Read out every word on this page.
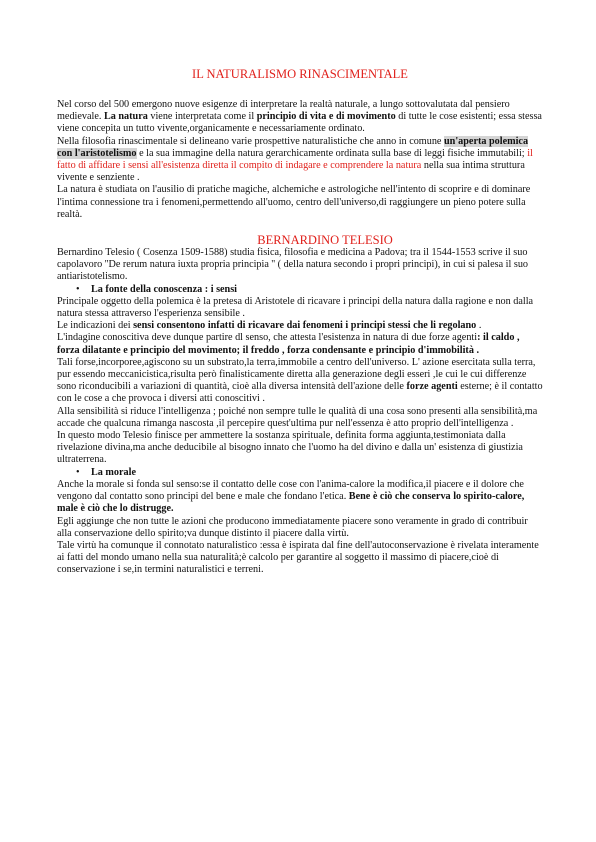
IL NATURALISMO RINASCIMENTALE

Nel corso del 500 emergono nuove esigenze di interpretare la realtà naturale, a lungo sottovalutata dal pensiero medievale. La natura viene interpretata come il principio di vita e di movimento di tutte le cose esistenti; essa stessa viene concepita un tutto vivente,organicamente e necessariamente ordinato.

Nella filosofia rinascimentale si delineano varie prospettive naturalistiche che anno in comune un'aperta polemica con l'aristotelismo e la sua immagine della natura gerarchicamente ordinata sulla base di leggi fisiche immutabili; il fatto di affidare i sensi all'esistenza diretta il compito di indagare e comprendere la natura nella sua intima struttura vivente e senziente .

La natura è studiata on l'ausilio di pratiche magiche, alchemiche e astrologiche nell'intento di scoprire e di dominare l'intima connessione tra i fenomeni,permettendo all'uomo, centro dell'universo,di raggiungere un pieno potere sulla realtà.

BERNARDINO TELESIO

Bernardino Telesio ( Cosenza 1509-1588) studia fisica, filosofia e medicina a Padova; tra il 1544-1553 scrive il suo capolavoro ''De rerum natura iuxta propria principia '' ( della natura secondo i propri principi), in cui si palesa il suo antiaristotelismo.

• La fonte della conoscenza : i sensi

Principale oggetto della polemica è la pretesa di Aristotele di ricavare i principi della natura dalla ragione e non dalla natura stessa attraverso l'esperienza sensibile .

Le indicazioni dei sensi consentono infatti di ricavare dai fenomeni i principi stessi che li regolano .

L'indagine conoscitiva deve dunque partire dl senso, che attesta l'esistenza in natura di due forze agenti: il caldo , forza dilatante e principio del movimento; il freddo , forza condensante e principio d'immobilità .

Tali forse,incorporee,agiscono su un substrato,la terra,immobile a centro dell'universo. L' azione esercitata sulla terra, pur essendo meccanicistica,risulta però finalisticamente diretta alla generazione degli esseri ,le cui le cui differenze sono riconducibili a variazioni di quantità, cioè alla diversa intensità dell'azione delle forze agenti esterne; è il contatto con le cose a che provoca i diversi atti conoscitivi .

Alla sensibilità si riduce l'intelligenza ; poiché non sempre tulle le qualità di una cosa sono presenti alla sensibilità,ma accade che qualcuna rimanga nascosta ,il percepire quest'ultima pur nell'essenza è atto proprio dell'intelligenza .

In questo modo Telesio finisce per ammettere la sostanza spirituale, definita forma aggiunta,testimoniata dalla rivelazione divina,ma anche deducibile al bisogno innato che l'uomo ha del divino e dalla un' esistenza di giustizia ultraterrena.

• La morale

Anche la morale si fonda sul senso:se il contatto delle cose con l'anima-calore la modifica,il piacere e il dolore che vengono dal contatto sono principi del bene e male che fondano l'etica. Bene è ciò che conserva lo spirito-calore, male è ciò che lo distrugge.

Egli aggiunge che non tutte le azioni che producono immediatamente piacere sono veramente in grado di contribuir alla conservazione dello spirito;va dunque distinto il piacere dalla virtù.

Tale virtù ha comunque il connotato naturalistico :essa è ispirata dal fine dell'autoconservazione è rivelata interamente ai fatti del mondo umano nella sua naturalità;è calcolo per garantire al soggetto il massimo di piacere,cioè di conservazione i se,in termini naturalistici e terreni.
